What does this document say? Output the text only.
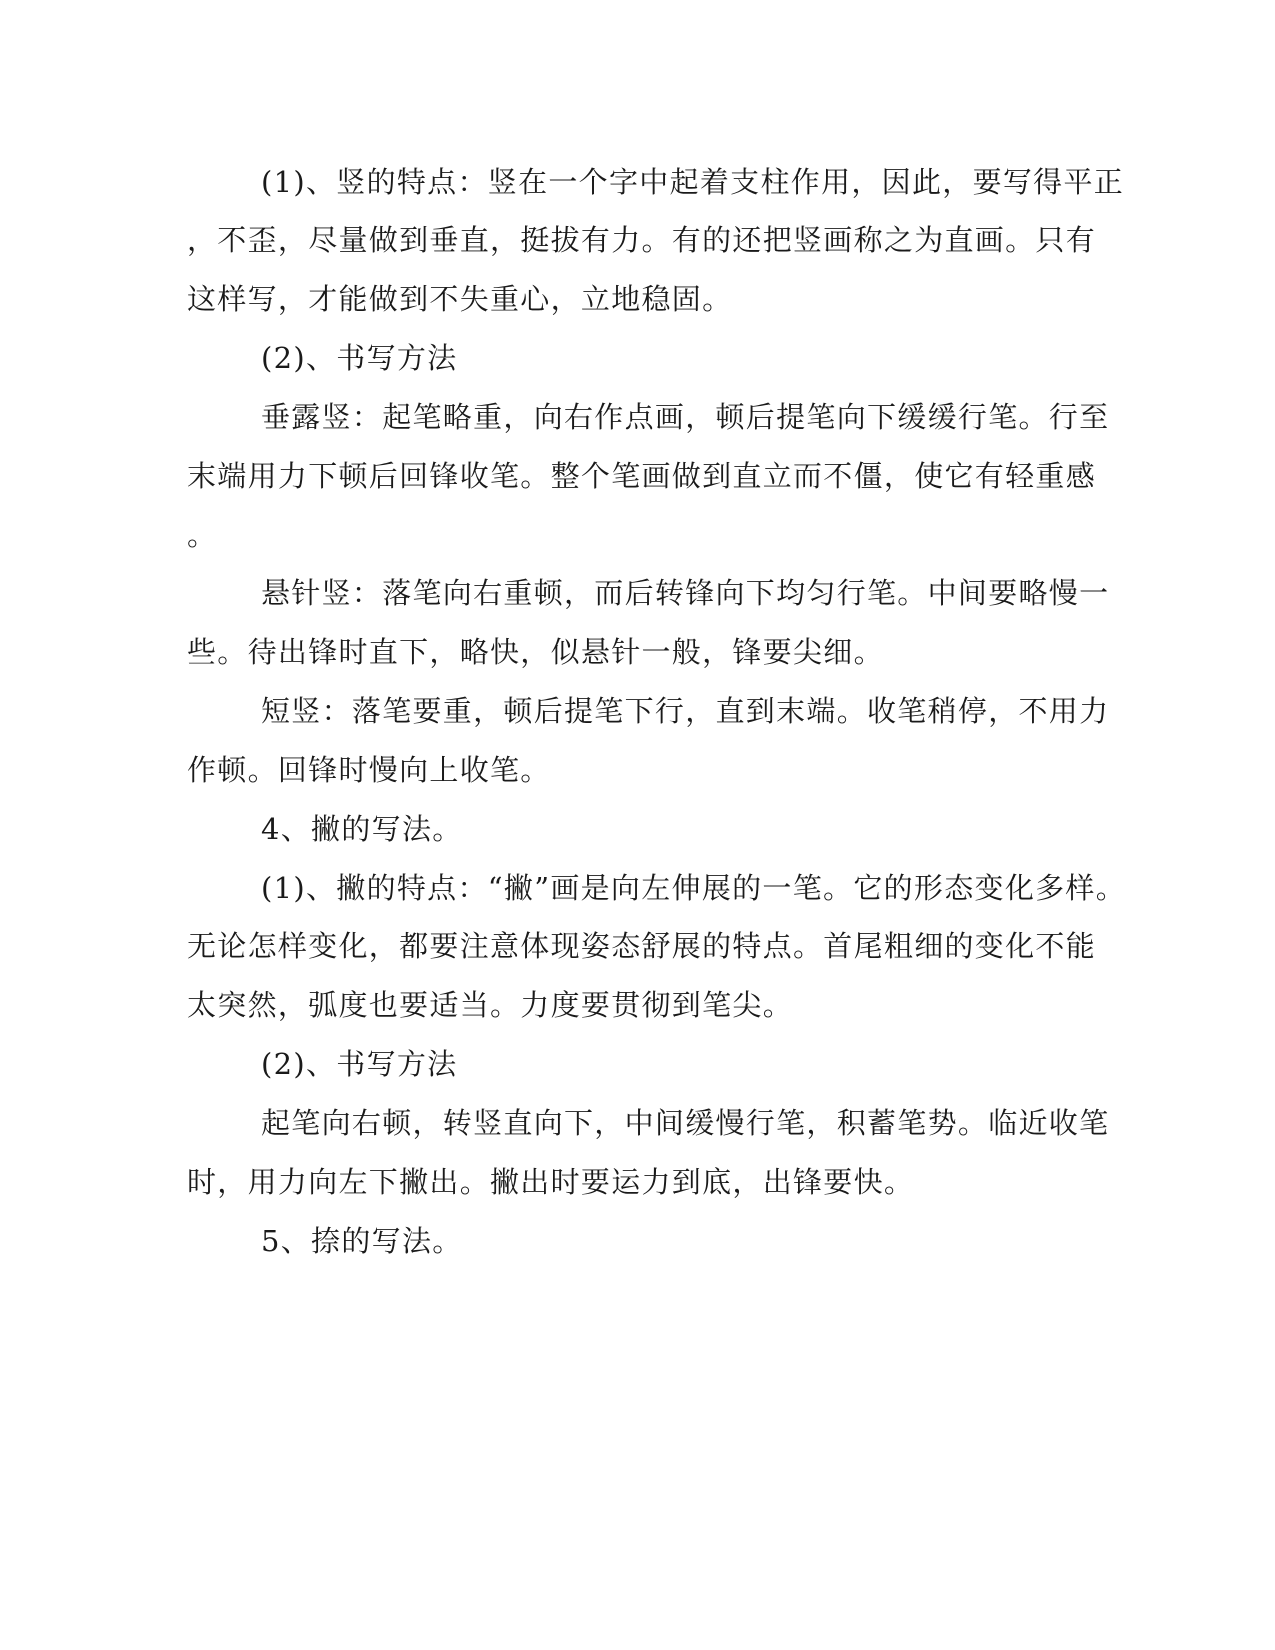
(1)、竖的特点：竖在一个字中起着支柱作用，因此，要写得平正

，不歪，尽量做到垂直，挺拔有力。有的还把竖画称之为直画。只有

这样写，才能做到不失重心，立地稳固。

(2)、书写方法

垂露竖：起笔略重，向右作点画，顿后提笔向下缓缓行笔。行至

末端用力下顿后回锋收笔。整个笔画做到直立而不僵，使它有轻重感

。

悬针竖：落笔向右重顿，而后转锋向下均匀行笔。中间要略慢一

些。待出锋时直下，略快，似悬针一般，锋要尖细。

短竖：落笔要重，顿后提笔下行，直到末端。收笔稍停，不用力

作顿。回锋时慢向上收笔。

4、撇的写法。

(1)、撇的特点：“撇”画是向左伸展的一笔。它的形态变化多样。

无论怎样变化，都要注意体现姿态舒展的特点。首尾粗细的变化不能

太突然，弧度也要适当。力度要贯彻到笔尖。

(2)、书写方法

起笔向右顿，转竖直向下，中间缓慢行笔，积蓄笔势。临近收笔

时，用力向左下撇出。撇出时要运力到底，出锋要快。

5、捺的写法。
